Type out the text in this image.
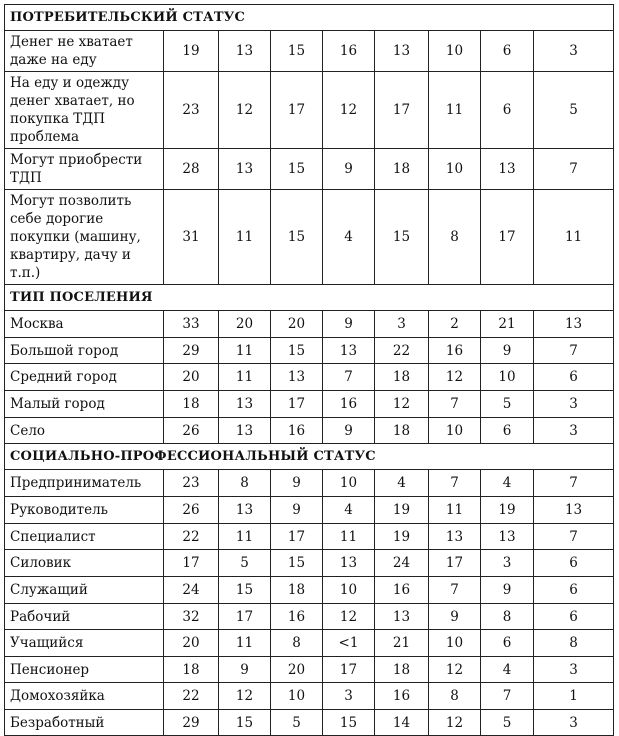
ПОТРЕБИТЕЛЬСКИЙ СТАТУС								
Денег не хватает даже на еду	19	13	15	16	13	10	6	3
На еду и одежду денег хватает, но покупка ТДП проблема	23	12	17	12	17	11	6	5
Могут приобрести ТДП	28	13	15	9	18	10	13	7
Могут позволить себе дорогие покупки (машину, квартиру, дачу и т.п.)	31	11	15	4	15	8	17	11
ТИП ПОСЕЛЕНИЯ								
Москва	33	20	20	9	3	2	21	13
Большой город	29	11	15	13	22	16	9	7
Средний город	20	11	13	7	18	12	10	6
Малый город	18	13	17	16	12	7	5	3
Село	26	13	16	9	18	10	6	3
СОЦИАЛЬНО-ПРОФЕССИОНАЛЬНЫЙ СТАТУС								
Предприниматель	23	8	9	10	4	7	4	7
Руководитель	26	13	9	4	19	11	19	13
Специалист	22	11	17	11	19	13	13	7
Силовик	17	5	15	13	24	17	3	6
Служащий	24	15	18	10	16	7	9	6
Рабочий	32	17	16	12	13	9	8	6
Учащийся	20	11	8	<1	21	10	6	8
Пенсионер	18	9	20	17	18	12	4	3
Домохозяйка	22	12	10	3	16	8	7	1
Безработный	29	15	5	15	14	12	5	3
